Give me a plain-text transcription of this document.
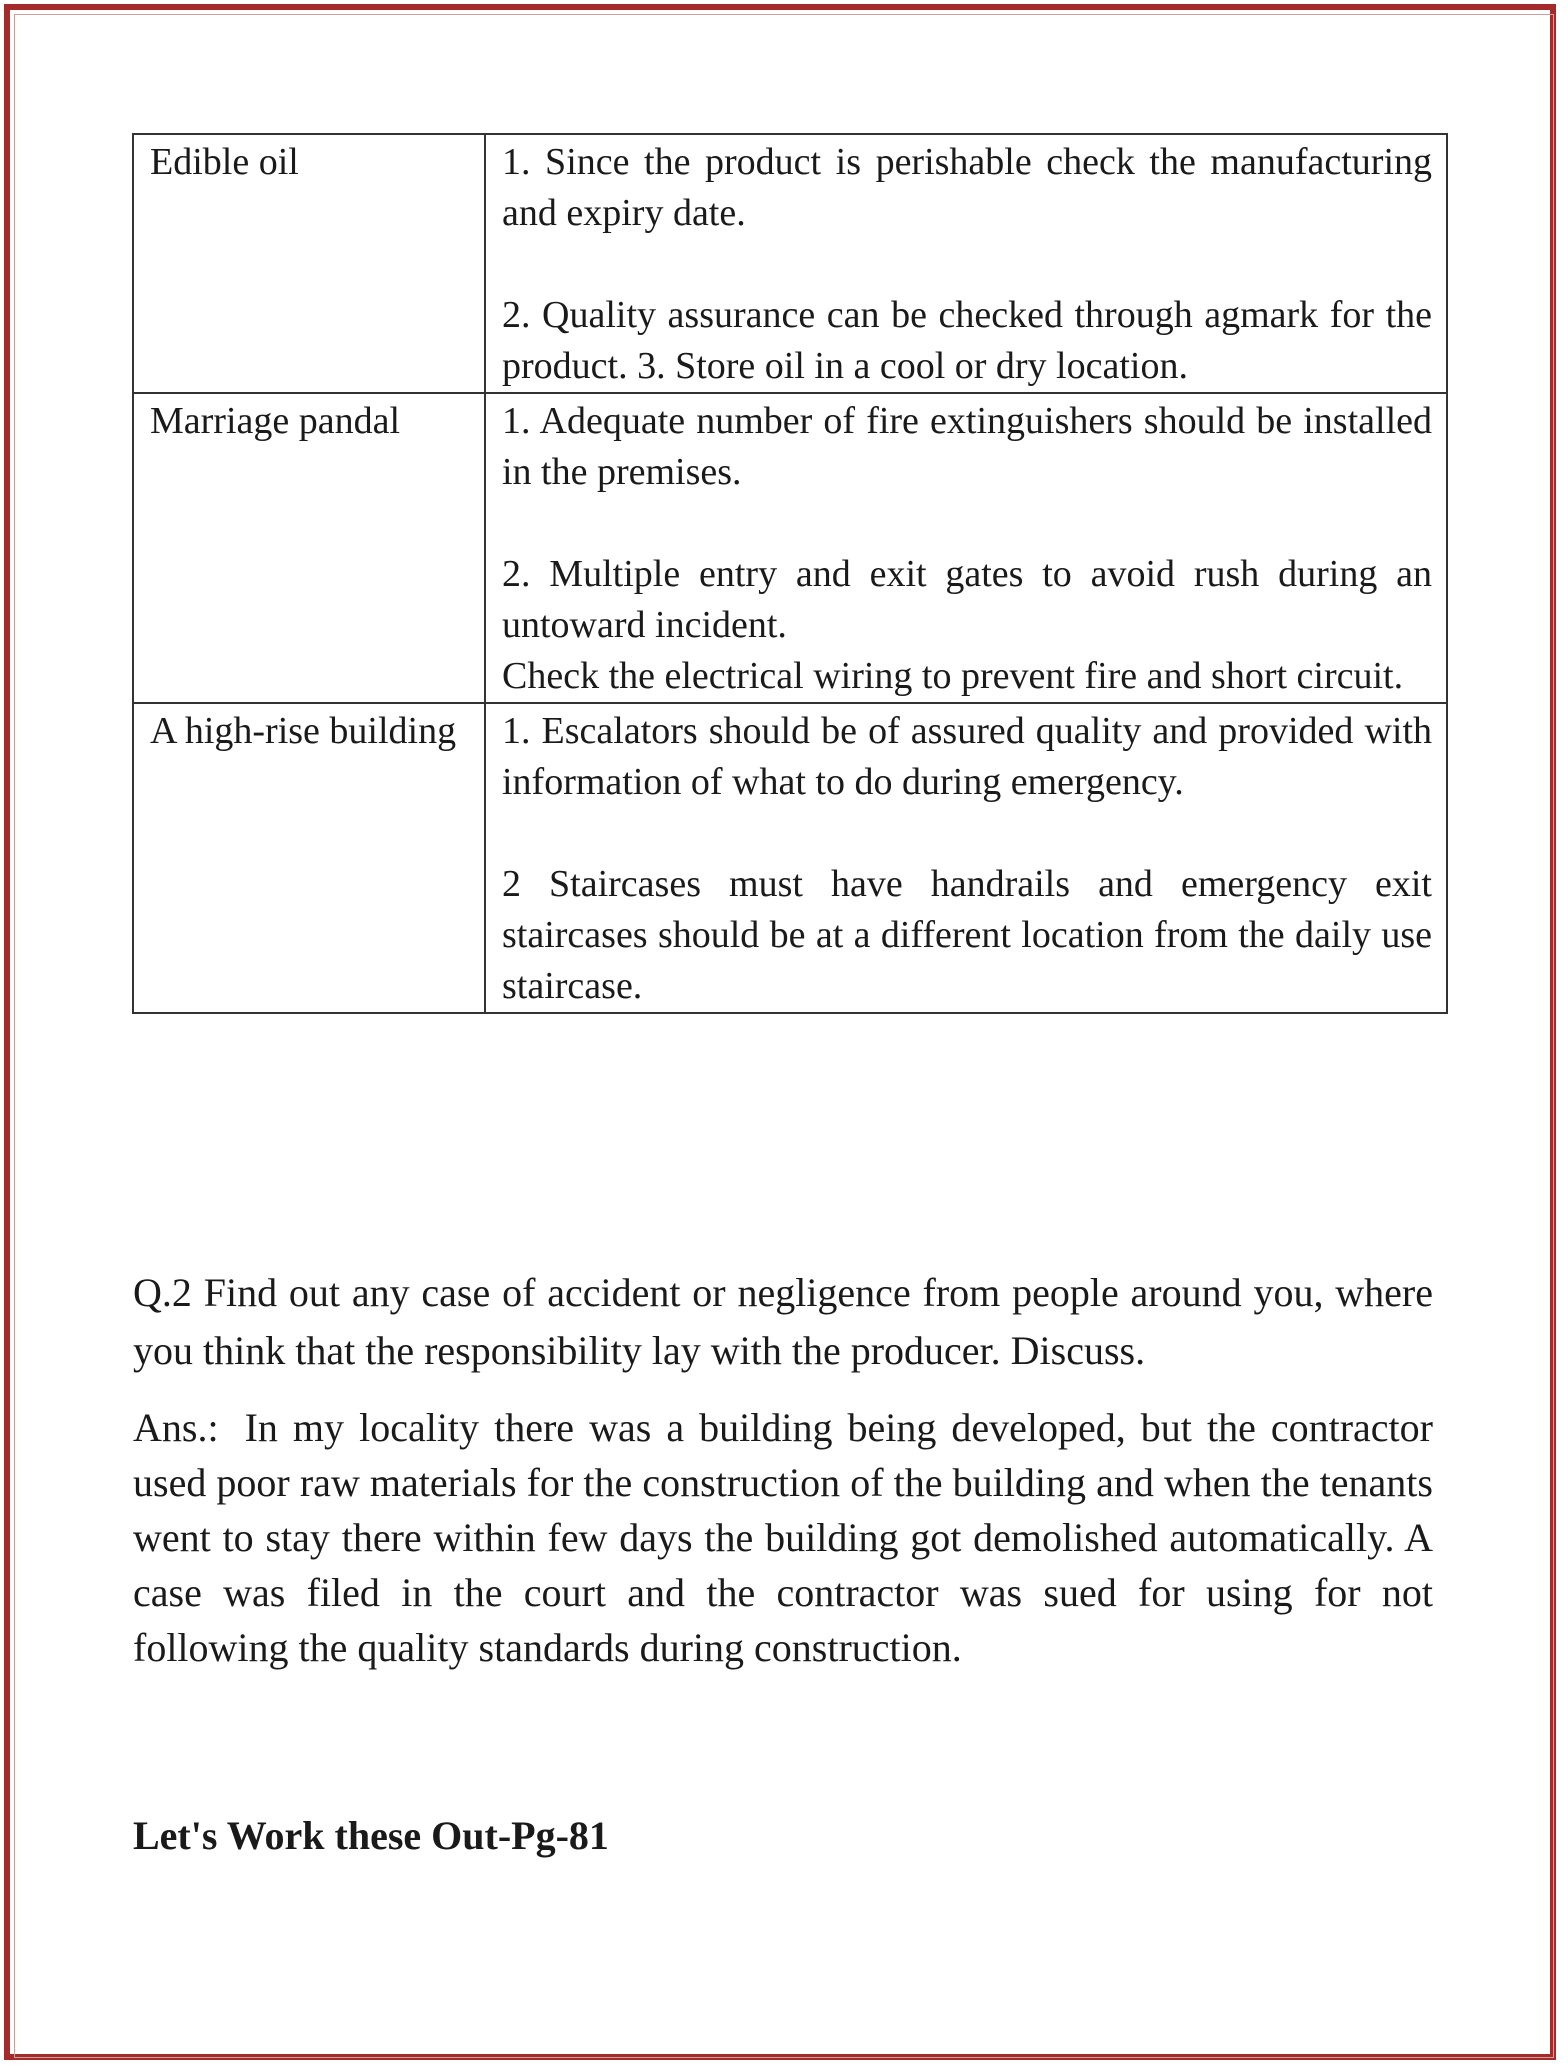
Edible oil	1. Since the product is perishable check the manufacturing and expiry date.

2. Quality assurance can be checked through agmark for the product. 3. Store oil in a cool or dry location.

Marriage pandal	1. Adequate number of fire extinguishers should be installed in the premises.

2. Multiple entry and exit gates to avoid rush during an untoward incident.

Check the electrical wiring to prevent fire and short circuit.

A high-rise building	1. Escalators should be of assured quality and provided with information of what to do during emergency.

2 Staircases must have handrails and emergency exit staircases should be at a different location from the daily use staircase.

Q.2 Find out any case of accident or negligence from people around you, where you think that the responsibility lay with the producer. Discuss.

Ans.: In my locality there was a building being developed, but the contractor used poor raw materials for the construction of the building and when the tenants went to stay there within few days the building got demolished automatically. A case was filed in the court and the contractor was sued for using for not following the quality standards during construction.

Let's Work these Out-Pg-81
